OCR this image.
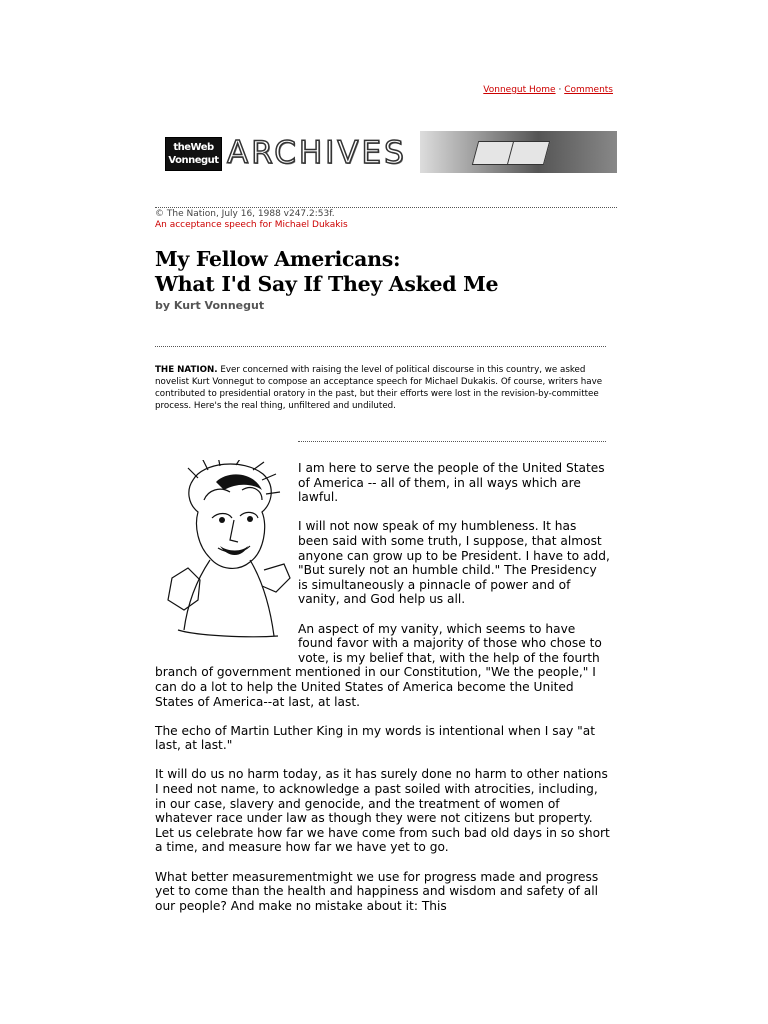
Vonnegut Home · Comments
theWeb
Vonnegut ARCHIVES
© The Nation, July 16, 1988 v247.2:53f.
An acceptance speech for Michael Dukakis
My Fellow Americans:
What I'd Say If They Asked Me
by Kurt Vonnegut
THE NATION. Ever concerned with raising the level of political discourse in this country, we asked novelist Kurt Vonnegut to compose an acceptance speech for Michael Dukakis. Of course, writers have contributed to presidential oratory in the past, but their efforts were lost in the revision-by-committee process. Here's the real thing, unfiltered and undiluted.

I am here to serve the people of the United States of America -- all of them, in all ways which are lawful.

I will not now speak of my humbleness. It has been said with some truth, I suppose, that almost anyone can grow up to be President. I have to add, "But surely not an humble child." The Presidency is simultaneously a pinnacle of power and of vanity, and God help us all.

An aspect of my vanity, which seems to have found favor with a majority of those who chose to vote, is my belief that, with the help of the fourth branch of government mentioned in our Constitution, "We the people," I can do a lot to help the United States of America become the United States of America--at last, at last.

The echo of Martin Luther King in my words is intentional when I say "at last, at last."

It will do us no harm today, as it has surely done no harm to other nations I need not name, to acknowledge a past soiled with atrocities, including, in our case, slavery and genocide, and the treatment of women of whatever race under law as though they were not citizens but property. Let us celebrate how far we have come from such bad old days in so short a time, and measure how far we have yet to go.

What better measurementmight we use for progress made and progress yet to come than the health and happiness and wisdom and safety of all our people? And make no mistake about it: This
